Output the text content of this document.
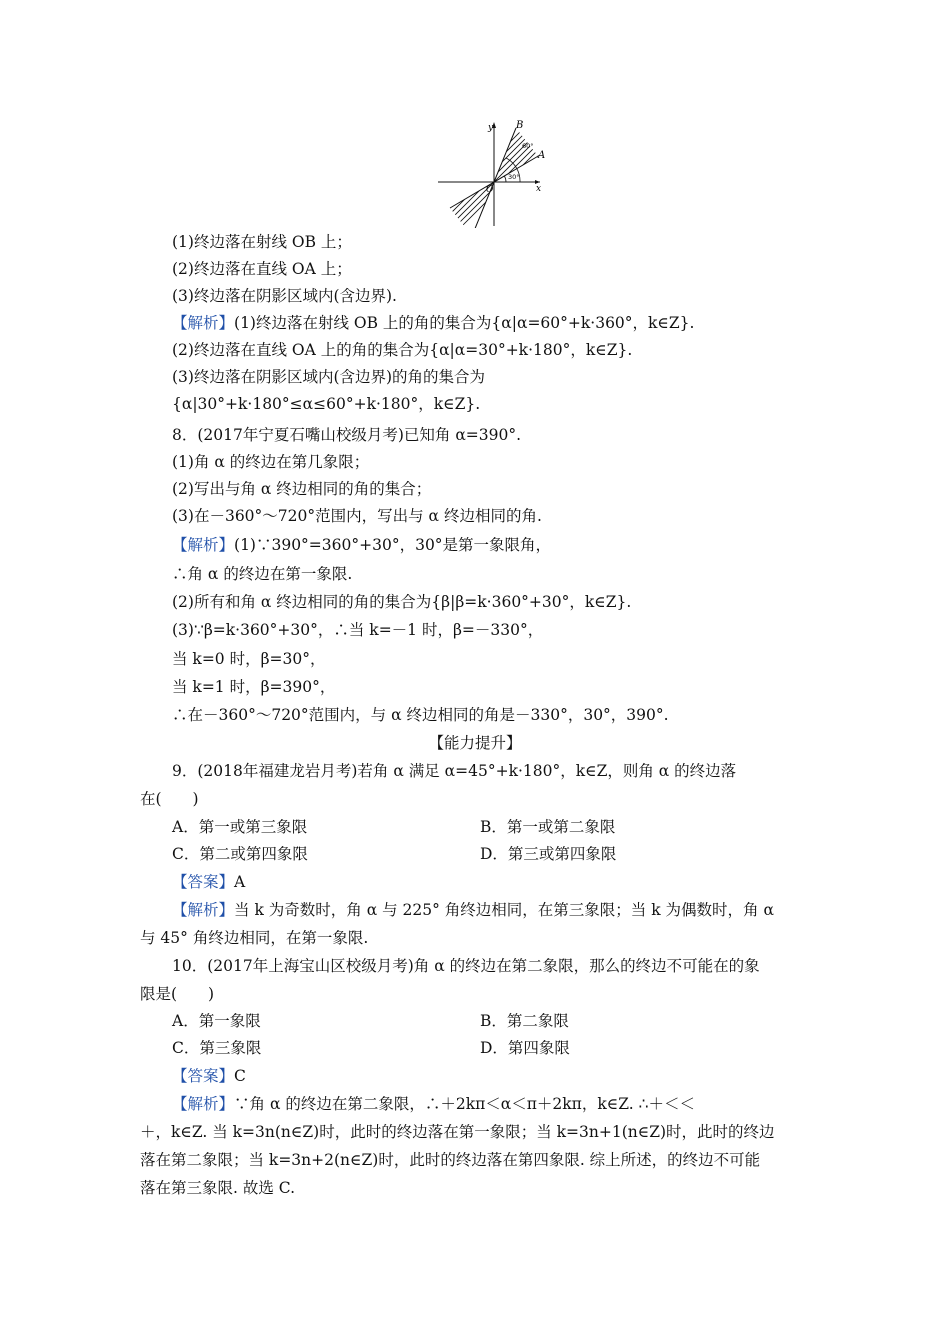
y
x
O
B
A
60°
30°
(1)终边落在射线 OB 上；
(2)终边落在直线 OA 上；
(3)终边落在阴影区域内(含边界).
【解析】(1)终边落在射线 OB 上的角的集合为{α|α=60°+k·360°，k∈Z}.
(2)终边落在直线 OA 上的角的集合为{α|α=30°+k·180°，k∈Z}.
(3)终边落在阴影区域内(含边界)的角的集合为
{α|30°+k·180°≤α≤60°+k·180°，k∈Z}.
8．(2017年宁夏石嘴山校级月考)已知角 α=390°.
(1)角 α 的终边在第几象限；
(2)写出与角 α 终边相同的角的集合；
(3)在－360°～720°范围内，写出与 α 终边相同的角.
【解析】(1)∵390°=360°+30°，30°是第一象限角，
∴角 α 的终边在第一象限.
(2)所有和角 α 终边相同的角的集合为{β|β=k·360°+30°，k∈Z}.
(3)∵β=k·360°+30°，∴当 k=－1 时，β=－330°，
当 k=0 时，β=30°，
当 k=1 时，β=390°，
∴在－360°～720°范围内，与 α 终边相同的角是－330°，30°，390°.
【能力提升】
9．(2018年福建龙岩月考)若角 α 满足 α=45°+k·180°，k∈Z，则角 α 的终边落
在(　　)
A．第一或第三象限	B．第一或第二象限
C．第二或第四象限	D．第三或第四象限
【答案】A
【解析】当 k 为奇数时，角 α 与 225° 角终边相同，在第三象限；当 k 为偶数时，角 α
与 45° 角终边相同，在第一象限.
10．(2017年上海宝山区校级月考)角 α 的终边在第二象限，那么的终边不可能在的象
限是(　　)
A．第一象限	B．第二象限
C．第三象限	D．第四象限
【答案】C
【解析】∵角 α 的终边在第二象限，∴＋2kπ＜α＜π＋2kπ，k∈Z. ∴＋＜＜
＋，k∈Z. 当 k=3n(n∈Z)时，此时的终边落在第一象限；当 k=3n+1(n∈Z)时，此时的终边
落在第二象限；当 k=3n+2(n∈Z)时，此时的终边落在第四象限. 综上所述，的终边不可能
落在第三象限. 故选 C.
